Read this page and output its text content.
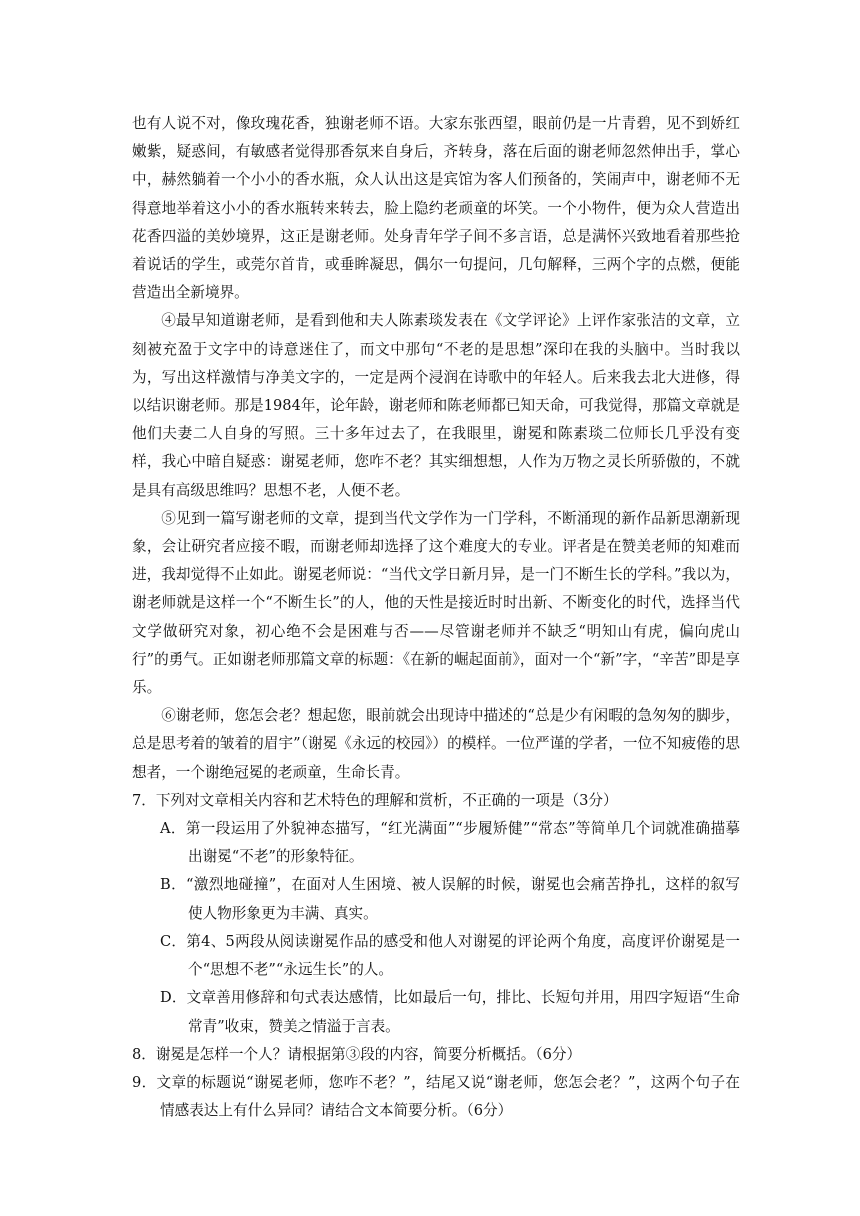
也有人说不对，像玫瑰花香，独谢老师不语。大家东张西望，眼前仍是一片青碧，见不到娇红嫩紫，疑惑间，有敏感者觉得那香氛来自身后，齐转身，落在后面的谢老师忽然伸出手，掌心中，赫然躺着一个小小的香水瓶，众人认出这是宾馆为客人们预备的，笑闹声中，谢老师不无得意地举着这小小的香水瓶转来转去，脸上隐约老顽童的坏笑。一个小物件，便为众人营造出花香四溢的美妙境界，这正是谢老师。处身青年学子间不多言语，总是满怀兴致地看着那些抢着说话的学生，或莞尔首肯，或垂眸凝思，偶尔一句提问，几句解释，三两个字的点燃，便能营造出全新境界。

④最早知道谢老师，是看到他和夫人陈素琰发表在《文学评论》上评作家张洁的文章，立刻被充盈于文字中的诗意迷住了，而文中那句“不老的是思想”深印在我的头脑中。当时我以为，写出这样激情与净美文字的，一定是两个浸润在诗歌中的年轻人。后来我去北大进修，得以结识谢老师。那是1984年，论年龄，谢老师和陈老师都已知天命，可我觉得，那篇文章就是他们夫妻二人自身的写照。三十多年过去了，在我眼里，谢冕和陈素琰二位师长几乎没有变样，我心中暗自疑惑：谢冕老师，您咋不老？其实细想想，人作为万物之灵长所骄傲的，不就是具有高级思维吗？思想不老，人便不老。

⑤见到一篇写谢老师的文章，提到当代文学作为一门学科，不断涌现的新作品新思潮新现象，会让研究者应接不暇，而谢老师却选择了这个难度大的专业。评者是在赞美老师的知难而进，我却觉得不止如此。谢冕老师说：“当代文学日新月异，是一门不断生长的学科。”我以为，谢老师就是这样一个“不断生长”的人，他的天性是接近时时出新、不断变化的时代，选择当代文学做研究对象，初心绝不会是困难与否——尽管谢老师并不缺乏“明知山有虎，偏向虎山行”的勇气。正如谢老师那篇文章的标题：《在新的崛起面前》，面对一个“新”字，“辛苦”即是享乐。

⑥谢老师，您怎会老？想起您，眼前就会出现诗中描述的“总是少有闲暇的急匆匆的脚步，总是思考着的皱着的眉宇”（谢冕《永远的校园》）的模样。一位严谨的学者，一位不知疲倦的思想者，一个谢绝冠冕的老顽童，生命长青。

7．下列对文章相关内容和艺术特色的理解和赏析，不正确的一项是（3分）

A．第一段运用了外貌神态描写，“红光满面”“步履矫健”“常态”等简单几个词就准确描摹出谢冕“不老”的形象特征。

B．“激烈地碰撞”，在面对人生困境、被人误解的时候，谢冕也会痛苦挣扎，这样的叙写使人物形象更为丰满、真实。

C．第4、5两段从阅读谢冕作品的感受和他人对谢冕的评论两个角度，高度评价谢冕是一个“思想不老”“永远生长”的人。

D．文章善用修辞和句式表达感情，比如最后一句，排比、长短句并用，用四字短语“生命常青”收束，赞美之情溢于言表。

8．谢冕是怎样一个人？请根据第③段的内容，简要分析概括。（6分）

9．文章的标题说“谢冕老师，您咋不老？”，结尾又说“谢老师，您怎会老？”，这两个句子在情感表达上有什么异同？请结合文本简要分析。（6分）
